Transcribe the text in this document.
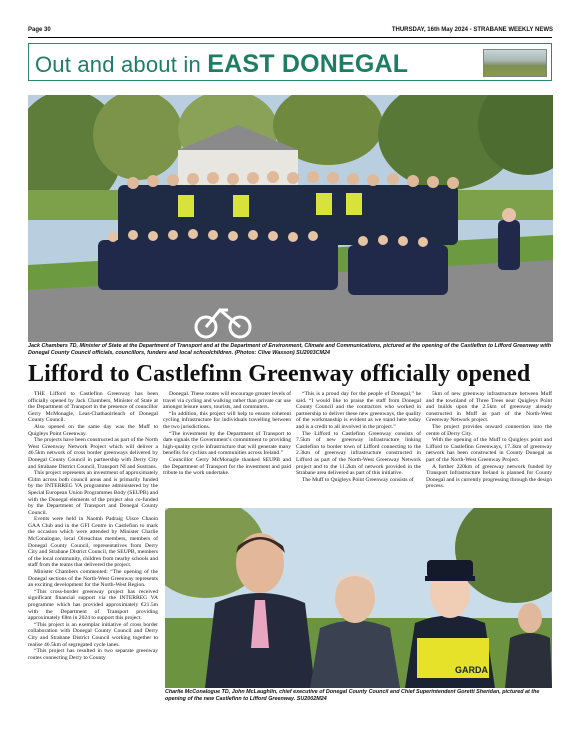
Page 30	THURSDAY, 16th May 2024 - STRABANE WEEKLY NEWS
Out and about in EAST DONEGAL
Jack Chambers TD, Minister of State at the Department of Transport and at the Department of Environment, Climate and Communications, pictured at the opening of the Castlefinn to Lifford Greenway with Donegal County Council officials, councillors, funders and local schoolchildren. (Photos: Clive Wasson) SU2003CM24
Lifford to Castlefinn Greenway officially opened

THE Lifford to Castlefinn Greenway has been officially opened by Jack Chambers, Minister of State at the Department of Transport in the presence of councillor Gerry McMonagle, Leas-Chathaoirleach of Donegal County Council.

Also opened on the same day was the Muff to Quigleys Point Greenway.

The projects have been constructed as part of the North West Greenway Network Project which will deliver a 46.5km network of cross border greenways delivered by Donegal County Council in partnership with Derry City and Strabane District Council, Transport NI and Sustrans.

This project represents an investment of approximately €34m across both council areas and is primarily funded by the INTERREG VA programme administered by the Special European Union Programmes Body (SEUPB) and with the Donegal elements of the project also co-funded by the Department of Transport and Donegal County Council.

Events were held in Naomh Padraig Uisce Chaoin GAA Club and in the GFI Centre in Castlefinn to mark the occasion which were attended by Minister Charlie McConalogue, local Oireachtas members, members of Donegal County Council, representatives from Derry City and Strabane District Council, the SEUPB, members of the local community, children from nearby schools and staff from the teams that delivered the project.

Minister Chambers commented: “The opening of the Donegal sections of the North-West Greenway represents an exciting development for the North-West Region.

“This cross-border greenway project has received significant financial support via the INTERREG VA programme which has provided approximately €21.5m with the Department of Transport providing approximately €8m in 2024 to support this project.

“This project is an exemplar initiative of cross border collaboration with Donegal County Council and Derry City and Strabane District Council working together to realise 46.5km of segregated cycle lanes.

“This project has resulted in two separate greenway routes connecting Derry to County

Donegal. These routes will encourage greater levels of travel via cycling and walking rather than private car use amongst leisure users, tourists, and commuters.

“In addition, this project will help to ensure coherent cycling infrastructure for individuals travelling between the two jurisdictions.

“The investment by the Department of Transport to date signals the Government’s commitment to providing high-quality cycle infrastructure that will generate many benefits for cyclists and communities across Ireland.”

Councillor Gerry McMonagle thanked SEUPB and the Department of Transport for the investment and paid tribute to the work undertake.

“This is a proud day for the people of Donegal,” he said. “I would like to praise the staff from Donegal County Council and the contractors who worked in partnership to deliver these new greenways, the quality of the workmanship is evident as we stand here today and is a credit to all involved in the project.”

The Lifford to Castlefinn Greenway consists of 7.5km of new greenway infrastructure linking Castlefinn to border town of Lifford connecting to the 2.3km of greenway infrastructure constructed in Lifford as part of the North-West Greenway Network project and to the 11.2km of network provided in the Strabane area delivered as part of this initiative.

The Muff to Quigleys Point Greenway consists of

5km of new greenway infrastructure between Muff and the townland of Three Trees near Quigleys Point and builds upon the 2.5km of greenway already constructed in Muff as part of the North-West Greenway Network project.

The project provides onward connection into the centre of Derry City.

With the opening of the Muff to Quigleys point and Lifford to Castlefinn Greenways, 17.3km of greenway network has been constructed in County Donegal as part of the North-West Greenway Project.

A further 220km of greenway network funded by Transport Infrastructure Ireland is planned for County Donegal and is currently progressing through the design process.

GARDA
Charlie McConalogue TD, John McLaughlin, chief executive of Donegal County Council and Chief Superintendent Goretti Sheridan, pictured at the opening of the new Castlefinn to Lifford Greenway. SU2002M24
